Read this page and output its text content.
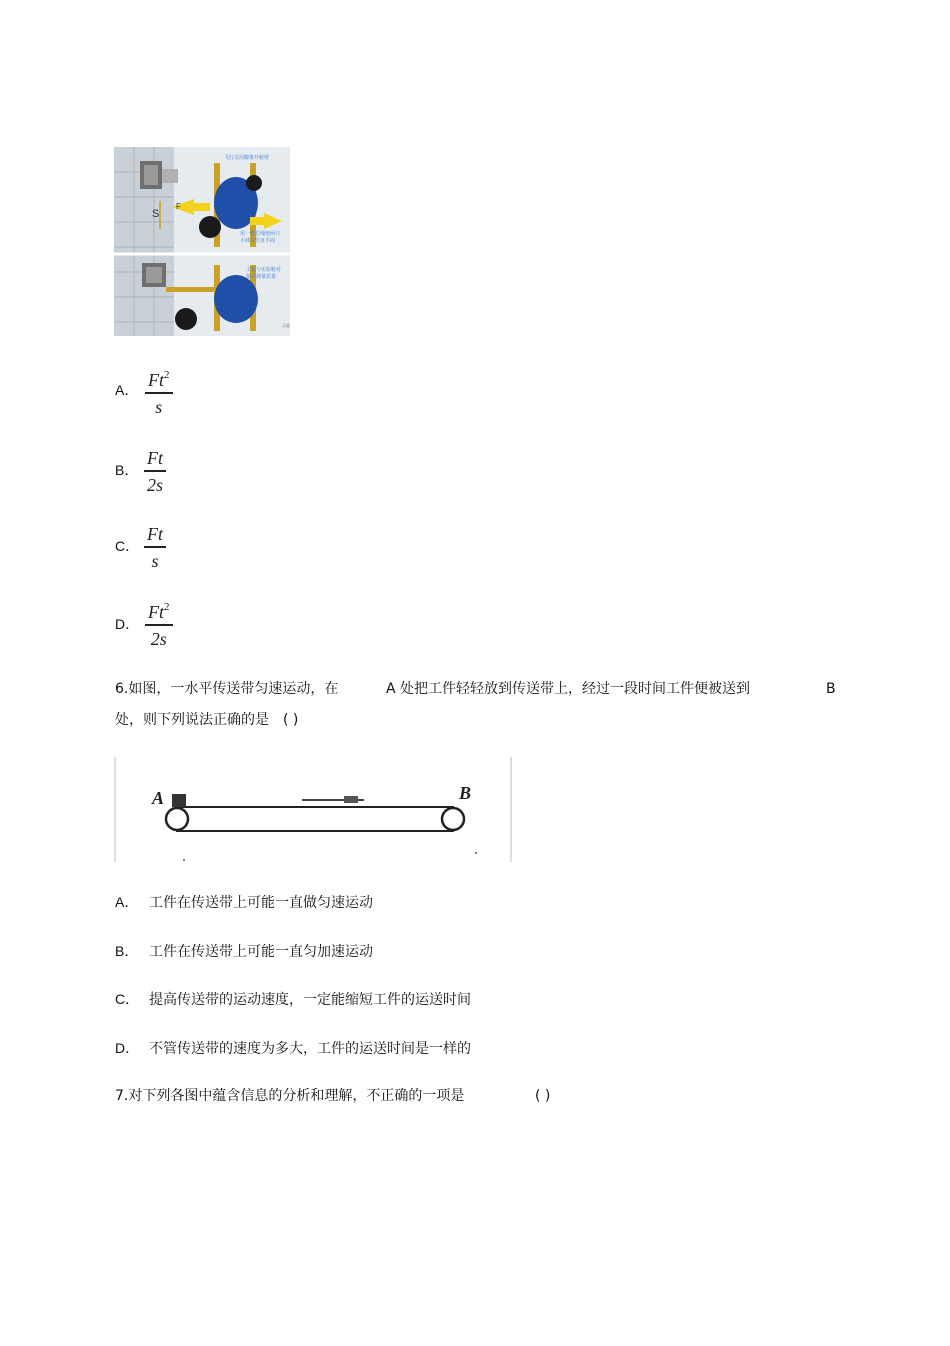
S
F
飞行员用脚推开舱壁
用一根长绳使两只
小球在竖直平面
主舱与实验舱对
接并测量质量
示意
A． Ft$^2$
s
B．
Ft
2s
C．
Ft
s
D．
Ft$^2$
2s
6.如图，一水平传送带匀速运动，在	A 处把工件轻轻放到传送带上，经过一段时间工件便被送到	B
处，则下列说法正确的是　( )
A	B
A． 工件在传送带上可能一直做匀速运动
B． 工件在传送带上可能一直匀加速运动
C． 提高传送带的运动速度，一定能缩短工件的运送时间
D． 不管传送带的速度为多大，工件的运送时间是一样的
7.对下列各图中蕴含信息的分析和理解，不正确的一项是	( )
